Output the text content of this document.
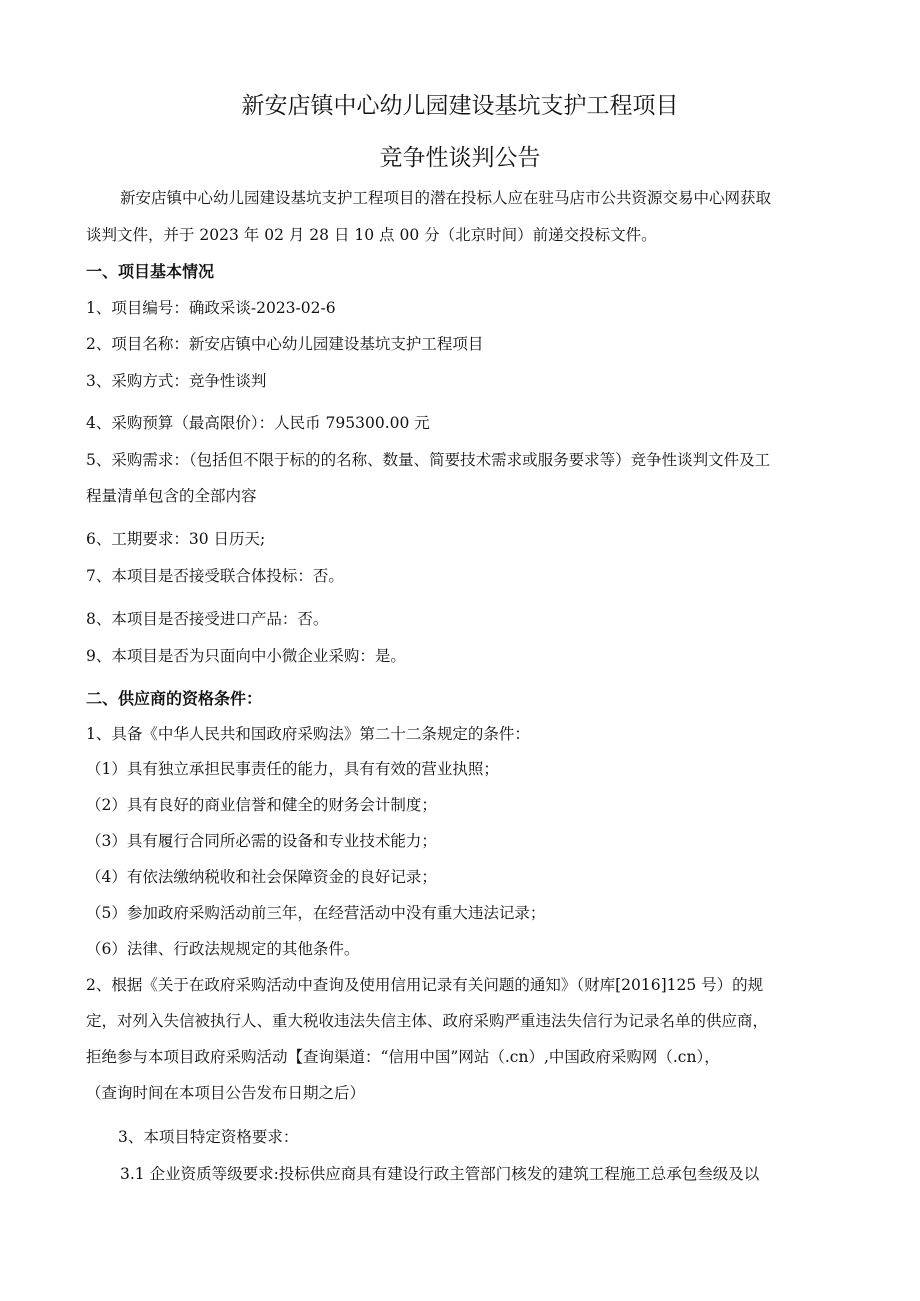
新安店镇中心幼儿园建设基坑支护工程项目
竞争性谈判公告
新安店镇中心幼儿园建设基坑支护工程项目的潜在投标人应在驻马店市公共资源交易中心网获取
谈判文件，并于 2023 年 02 月 28 日 10 点 00 分（北京时间）前递交投标文件。
一、项目基本情况
1、项目编号：确政采谈-2023-02-6
2、项目名称：新安店镇中心幼儿园建设基坑支护工程项目
3、采购方式：竞争性谈判
4、采购预算（最高限价）：人民币 795300.00 元
5、采购需求：（包括但不限于标的的名称、数量、简要技术需求或服务要求等）竞争性谈判文件及工
程量清单包含的全部内容
6、工期要求：30 日历天;
7、本项目是否接受联合体投标：否。
8、本项目是否接受进口产品：否。
9、本项目是否为只面向中小微企业采购：是。
二、供应商的资格条件：
1、具备《中华人民共和国政府采购法》第二十二条规定的条件：
（1）具有独立承担民事责任的能力，具有有效的营业执照；
（2）具有良好的商业信誉和健全的财务会计制度；
（3）具有履行合同所必需的设备和专业技术能力；
（4）有依法缴纳税收和社会保障资金的良好记录；
（5）参加政府采购活动前三年，在经营活动中没有重大违法记录；
（6）法律、行政法规规定的其他条件。
2、根据《关于在政府采购活动中查询及使用信用记录有关问题的通知》（财库[2016]125 号）的规
定，对列入失信被执行人、重大税收违法失信主体、政府采购严重违法失信行为记录名单的供应商，
拒绝参与本项目政府采购活动【查询渠道：“信用中国”网站（.cn）,中国政府采购网（.cn），
（查询时间在本项目公告发布日期之后）
3、本项目特定资格要求：
3.1 企业资质等级要求:投标供应商具有建设行政主管部门核发的建筑工程施工总承包叁级及以
